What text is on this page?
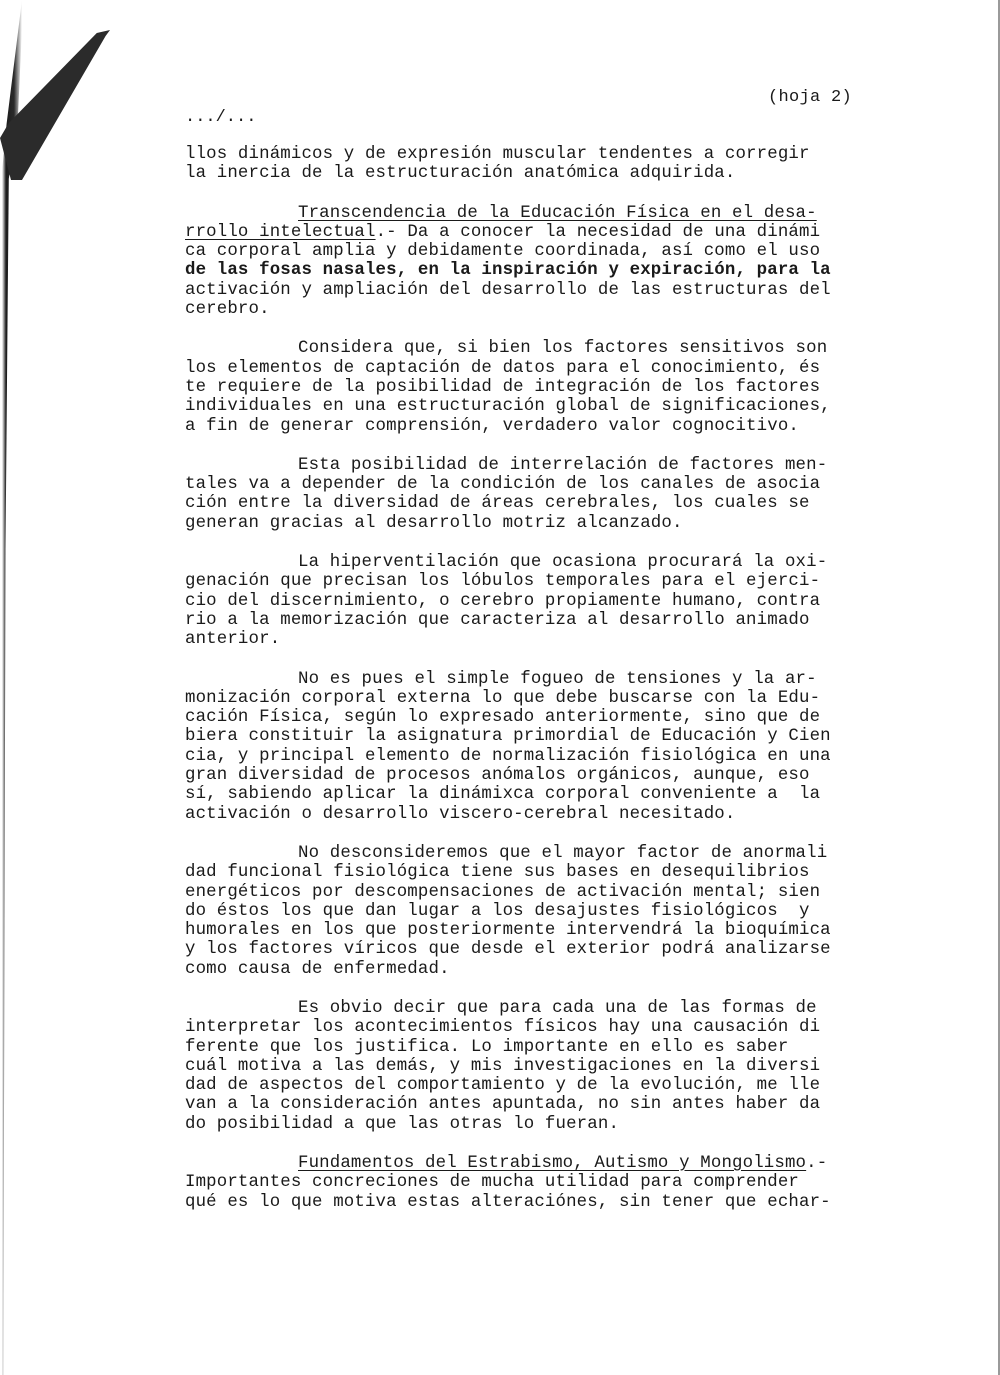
(hoja 2)
.../...
llos dinámicos y de expresión muscular tendentes a corregir
la inercia de la estructuración anatómica adquirida.
Transcendencia de la Educación Física en el desa-
rrollo intelectual.- Da a conocer la necesidad de una dinámi
ca corporal amplia y debidamente coordinada, así como el uso
de las fosas nasales, en la inspiración y expiración, para la
activación y ampliación del desarrollo de las estructuras del
cerebro.
Considera que, si bien los factores sensitivos son
los elementos de captación de datos para el conocimiento, és
te requiere de la posibilidad de integración de los factores
individuales en una estructuración global de significaciones,
a fin de generar comprensión, verdadero valor cognocitivo.
Esta posibilidad de interrelación de factores men-
tales va a depender de la condición de los canales de asocia
ción entre la diversidad de áreas cerebrales, los cuales se
generan gracias al desarrollo motriz alcanzado.
La hiperventilación que ocasiona procurará la oxi-
genación que precisan los lóbulos temporales para el ejerci-
cio del discernimiento, o cerebro propiamente humano, contra
rio a la memorización que caracteriza al desarrollo animado
anterior.
No es pues el simple fogueo de tensiones y la ar-
monización corporal externa lo que debe buscarse con la Edu-
cación Física, según lo expresado anteriormente, sino que de
biera constituir la asignatura primordial de Educación y Cien
cia, y principal elemento de normalización fisiológica en una
gran diversidad de procesos anómalos orgánicos, aunque, eso
sí, sabiendo aplicar la dinámixca corporal conveniente a  la
activación o desarrollo viscero-cerebral necesitado.
No desconsideremos que el mayor factor de anormali
dad funcional fisiológica tiene sus bases en desequilibrios
energéticos por descompensaciones de activación mental; sien
do éstos los que dan lugar a los desajustes fisiológicos  y
humorales en los que posteriormente intervendrá la bioquímica
y los factores víricos que desde el exterior podrá analizarse
como causa de enfermedad.
Es obvio decir que para cada una de las formas de
interpretar los acontecimientos físicos hay una causación di
ferente que los justifica. Lo importante en ello es saber
cuál motiva a las demás, y mis investigaciones en la diversi
dad de aspectos del comportamiento y de la evolución, me lle
van a la consideración antes apuntada, no sin antes haber da
do posibilidad a que las otras lo fueran.
Fundamentos del Estrabismo, Autismo y Mongolismo.-
Importantes concreciones de mucha utilidad para comprender
qué es lo que motiva estas alteraciónes, sin tener que echar-
